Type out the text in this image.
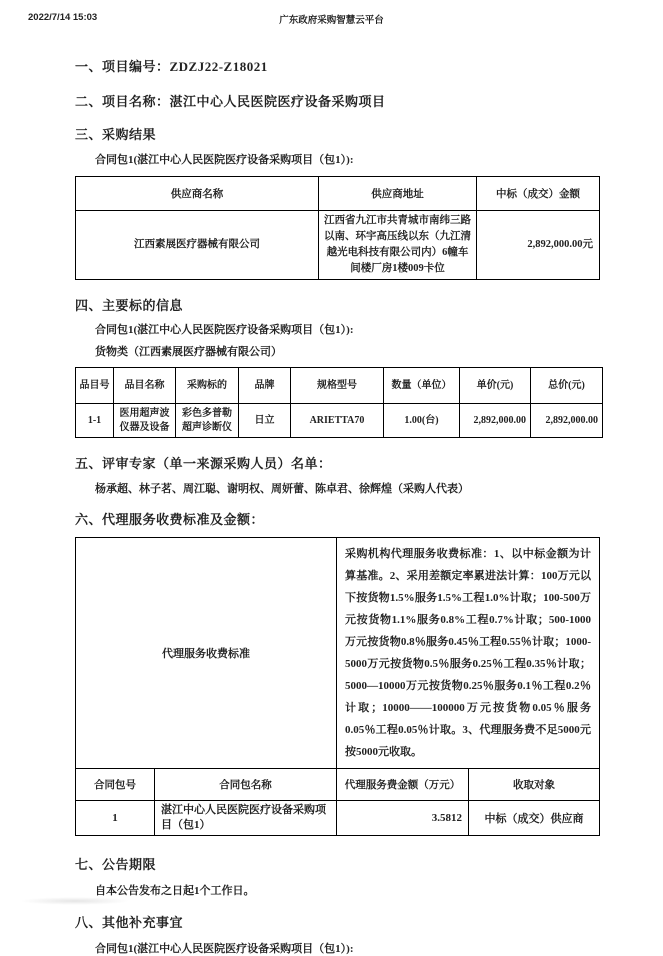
2022/7/14 15:03	广东政府采购智慧云平台
一、项目编号：ZDZJ22-Z18021
二、项目名称：湛江中心人民医院医疗设备采购项目
三、采购结果

合同包1(湛江中心人民医院医疗设备采购项目（包1）):

供应商名称	供应商地址	中标（成交）金额
江西素展医疗器械有限公司	江西省九江市共青城市南纬三路以南、环宇高压线以东（九江清越光电科技有限公司内）6幢车间楼厂房1楼009卡位	2,892,000.00元
四、主要标的信息

合同包1(湛江中心人民医院医疗设备采购项目（包1）):

货物类（江西素展医疗器械有限公司）

品目号	品目名称	采购标的	品牌	规格型号	数量（单位）	单价(元)	总价(元)
1-1	医用超声波仪器及设备	彩色多普勒超声诊断仪	日立	ARIETTA70	1.00(台)	2,892,000.00	2,892,000.00
五、评审专家（单一来源采购人员）名单：

杨承超、林子茗、周江聪、谢明权、周妍蕾、陈卓君、徐辉煌（采购人代表）

六、代理服务收费标准及金额：
代理服务收费标准		采购机构代理服务收费标准：1、以中标金额为计算基准。2、采用差额定率累进法计算：100万元以下按货物1.5%服务1.5%工程1.0%计取；100-500万元按货物1.1%服务0.8%工程0.7%计取；500-1000万元按货物0.8％服务0.45％工程0.55％计取；1000-5000万元按货物0.5％服务0.25％工程0.35％计取；5000—10000万元按货物0.25％服务0.1％工程0.2％计取；10000——100000万元按货物0.05％服务0.05％工程0.05％计取。3、代理服务费不足5000元按5000元收取。	
合同包号	合同包名称	代理服务费金额（万元）	收取对象
1	湛江中心人民医院医疗设备采购项目（包1）	3.5812	中标（成交）供应商
七、公告期限

自本公告发布之日起1个工作日。

八、其他补充事宜

合同包1(湛江中心人民医院医疗设备采购项目（包1）):
